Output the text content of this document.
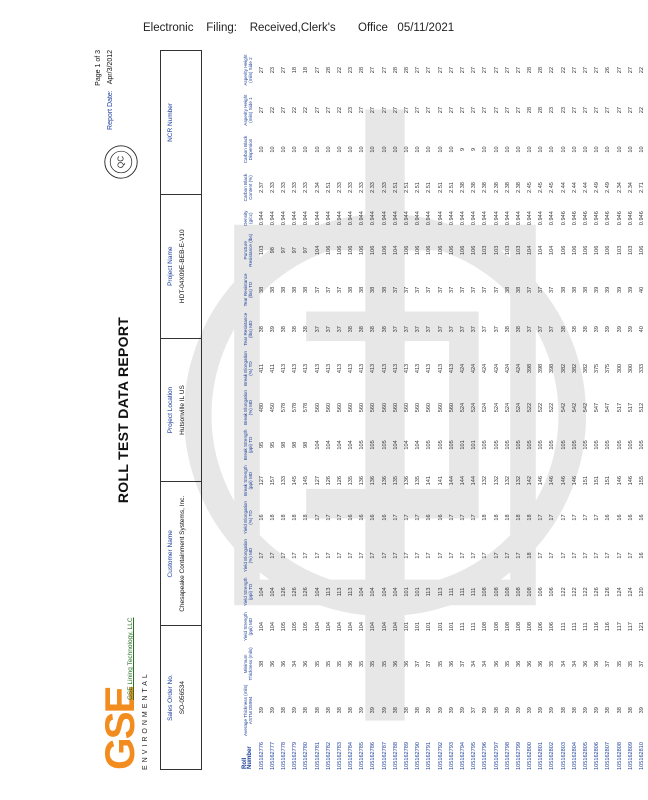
Electronic    Filing:    Received,Clerk's       Office   05/11/2021
GSE ENVIRONMENTAL
GSE Lining Technology, LLC
ROLL TEST DATA REPORT
QC
Page 1 of 3
Report Date:Apr/3/2012
Sales Order No. SO-056534
Customer Name Chesapeake Containment Systems, Inc.
Project Location Hutsonville IL US
Project Name HDT-04X09E-BEB-E-V10
NCR Number
Roll Number	Average Thickness (mils) ASTM D5994	Minimum Thickness (mils)	Yield Strength (ppi) MD	Yield Strength (ppi) TD	Yield Elongation (%) MD	Yield Elongation (%) TD	Break Strength (ppi) MD	Break Strength (ppi) TD	Break Elongation (%) MD	Break Elongation (%) TD	Tear Resistance (lbs) MD	Tear Resistance (lbs) TD	Puncture Resistance (lbs)	Density (g/cc)	Carbon Black Content (%)	Carbon Black Dispersion	Asperity Height (mils) Side 1	Asperity Height (mils) Side 2
105162776	39	38	104	104	17	16	127	95	480	411	38	38	103	0.944	2.37	10	27	27
105162777	39	36	104	104	17	18	157	95	450	411	39	38	98	0.944	2.33	10	22	23
105162778	38	36	105	126	17	18	133	98	578	413	38	38	97	0.944	2.33	10	27	27
105162779	39	34	105	126	17	18	145	98	578	413	38	38	97	0.944	2.33	10	22	18
105162780	38	36	105	126	17	18	145	98	578	413	38	38	97	0.944	2.33	10	22	18
105162781	38	35	104	104	17	17	127	104	560	413	37	37	104	0.944	2.34	10	27	27
105162782	38	35	104	113	17	17	126	104	560	413	37	37	106	0.944	2.51	10	27	28
105162783	38	35	104	113	17	17	126	104	560	413	37	37	106	0.944	2.33	10	22	22
105162784	38	36	104	113	17	16	135	104	560	413	38	38	106	0.944	2.33	10	23	23
105162785	39	35	104	104	17	16	136	105	560	413	38	38	106	0.944	2.33	10	27	28
105162786	39	35	104	104	17	16	136	105	560	413	38	38	106	0.944	2.33	10	27	27
105162787	39	35	104	104	17	16	136	105	560	413	38	38	106	0.944	2.33	10	27	27
105162788	38	36	104	104	17	17	135	104	560	413	37	37	104	0.944	2.51	10	27	28
105162789	38	36	101	101	17	17	136	104	560	413	37	37	106	0.944	2.51	10	27	28
105162790	38	37	101	101	17	17	135	104	560	413	37	37	106	0.944	2.51	10	27	27
105162791	39	37	101	113	17	16	141	105	560	413	37	37	106	0.944	2.51	10	27	27
105162792	39	35	101	113	17	16	141	105	560	413	37	37	106	0.944	2.51	10	27	27
105162793	39	36	101	111	17	17	144	105	560	413	37	37	106	0.944	2.51	10	27	27
105162794	39	37	111	111	17	17	144	101	524	424	37	37	106	0.944	2.38	9	27	27
105162795	37	34	111	111	17	17	144	101	524	424	37	37	106	0.944	2.38	9	27	27
105162796	39	34	108	108	17	18	132	105	524	424	37	37	103	0.944	2.38	10	27	27
105162797	38	36	108	108	17	18	132	105	524	424	37	37	103	0.944	2.38	10	27	27
105162798	39	35	108	108	17	18	132	105	524	424	38	38	103	0.944	2.38	10	27	27
105162799	39	36	108	108	17	18	132	105	524	424	38	38	103	0.944	2.38	10	27	27
105162800	39	36	108	108	18	18	142	105	522	398	37	37	104	0.944	2.45	10	28	28
105162801	39	36	106	106	17	17	146	105	522	398	37	37	104	0.944	2.45	10	28	28
105162802	39	35	106	106	17	17	146	105	522	398	37	37	104	0.944	2.45	10	23	22
105162803	38	34	111	122	17	17	146	105	542	382	38	38	106	0.946	2.44	10	23	22
105162804	38	34	111	122	17	17	146	105	542	382	38	38	106	0.946	2.44	10	27	27
105162805	39	36	111	122	17	17	151	105	542	382	38	38	106	0.946	2.44	10	27	27
105162806	39	36	116	126	17	17	151	105	547	375	39	39	106	0.946	2.49	10	27	27
105162807	38	37	116	126	17	16	151	105	547	375	39	39	106	0.946	2.49	10	27	26
105162808	38	35	117	124	17	16	146	105	517	300	39	39	103	0.946	2.34	10	27	27
105162809	38	35	117	124	17	16	146	105	517	300	39	39	103	0.946	2.34	10	27	27
105162810	39	37	121	120	16	16	155	105	512	333	40	40	106	0.946	2.71	10	22	22
